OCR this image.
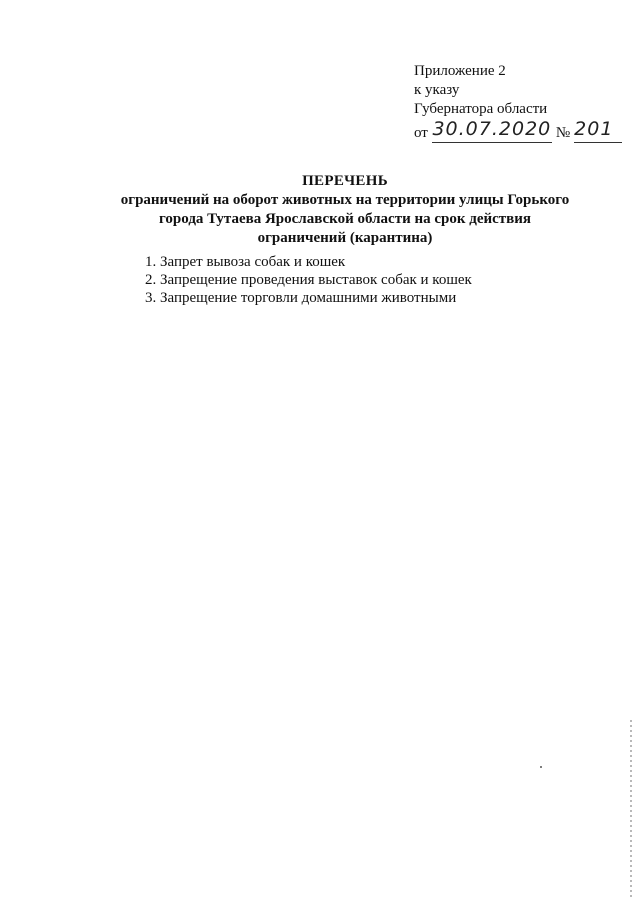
Приложение 2
к указу
Губернатора области
от 30.07.2020 № 201
ПЕРЕЧЕНЬ
ограничений на оборот животных на территории улицы Горького
города Тутаева Ярославской области на срок действия
ограничений (карантина)
1. Запрет вывоза собак и кошек
2. Запрещение проведения выставок собак и кошек
3. Запрещение торговли домашними животными
